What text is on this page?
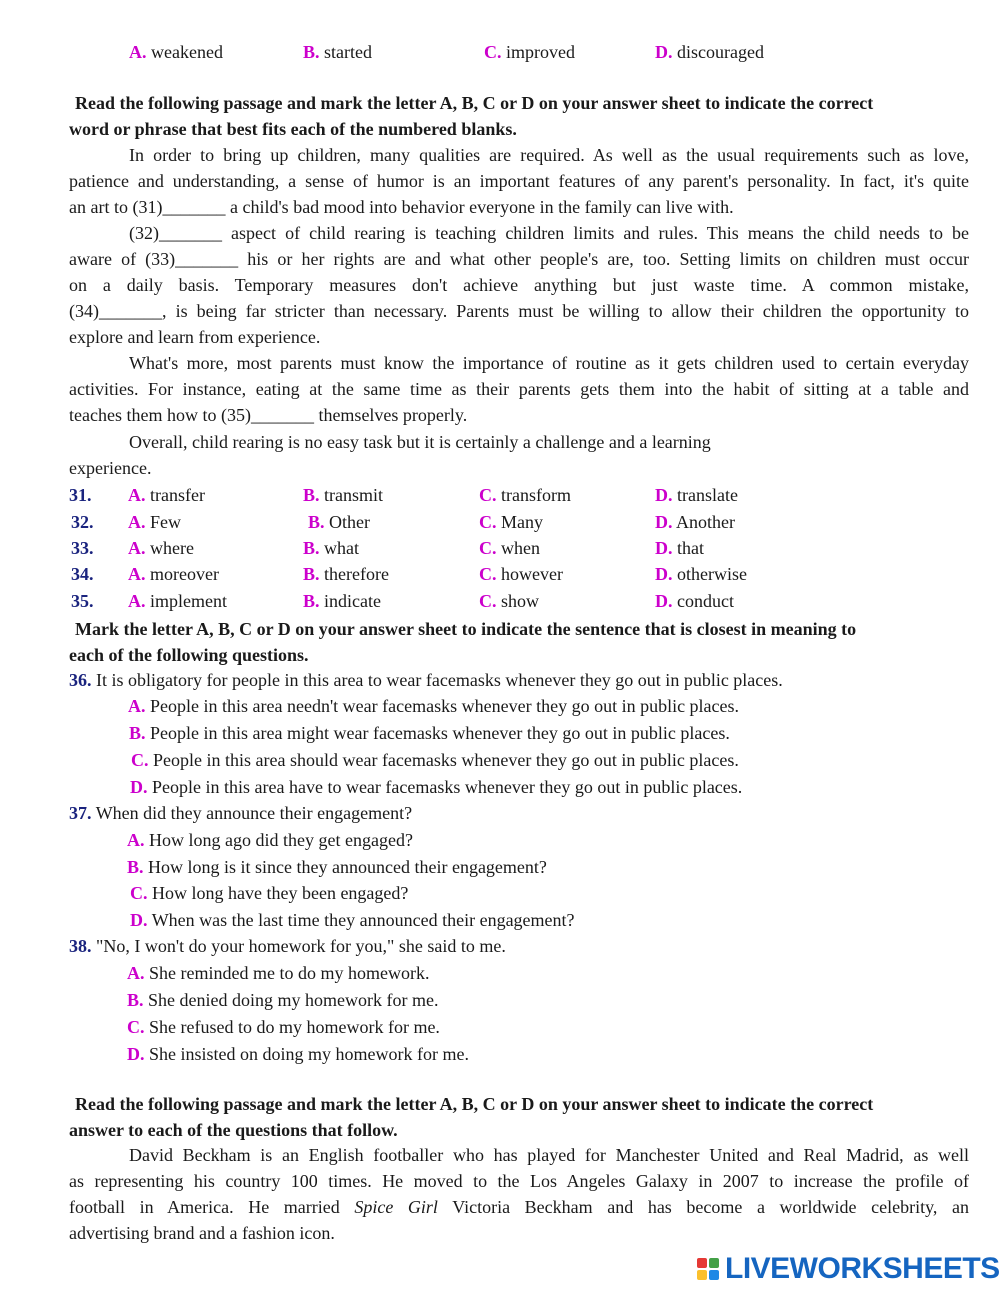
A. weakened	B. started	C. improved	D. discouraged
Read the following passage and mark the letter A, B, C or D on your answer sheet to indicate the correct
word or phrase that best fits each of the numbered blanks.
In order to bring up children, many qualities are required. As well as the usual requirements such as love,
patience and understanding, a sense of humor is an important features of any parent's personality. In fact, it's quite
an art to (31)_______ a child's bad mood into behavior everyone in the family can live with.
(32)_______ aspect of child rearing is teaching children limits and rules. This means the child needs to be
aware of (33)_______ his or her rights are and what other people's are, too. Setting limits on children must occur
on a daily basis. Temporary measures don't achieve anything but just waste time. A common mistake,
(34)_______, is being far stricter than necessary. Parents must be willing to allow their children the opportunity to
explore and learn from experience.
What's more, most parents must know the importance of routine as it gets children used to certain everyday
activities. For instance, eating at the same time as their parents gets them into the habit of sitting at a table and
teaches them how to (35)_______ themselves properly.
Overall, child rearing is no easy task but it is certainly a challenge and a learning
experience.
31. A. transfer	B. transmit	C. transform	D. translate
32. A. Few	B. Other	C. Many	D. Another
33. A. where	B. what	C. when	D. that
34. A. moreover	B. therefore	C. however	D. otherwise
35. A. implement	B. indicate	C. show	D. conduct
Mark the letter A, B, C or D on your answer sheet to indicate the sentence that is closest in meaning to
each of the following questions.
36. It is obligatory for people in this area to wear facemasks whenever they go out in public places.
A. People in this area needn't wear facemasks whenever they go out in public places.
B. People in this area might wear facemasks whenever they go out in public places.
C. People in this area should wear facemasks whenever they go out in public places.
D. People in this area have to wear facemasks whenever they go out in public places.
37. When did they announce their engagement?
A. How long ago did they get engaged?
B. How long is it since they announced their engagement?
C. How long have they been engaged?
D. When was the last time they announced their engagement?
38. "No, I won't do your homework for you," she said to me.
A. She reminded me to do my homework.
B. She denied doing my homework for me.
C. She refused to do my homework for me.
D. She insisted on doing my homework for me.
Read the following passage and mark the letter A, B, C or D on your answer sheet to indicate the correct
answer to each of the questions that follow.
David Beckham is an English footballer who has played for Manchester United and Real Madrid, as well
as representing his country 100 times. He moved to the Los Angeles Galaxy in 2007 to increase the profile of
football in America. He married Spice Girl Victoria Beckham and has become a worldwide celebrity, an
advertising brand and a fashion icon.
LIVEWORKSHEETS
